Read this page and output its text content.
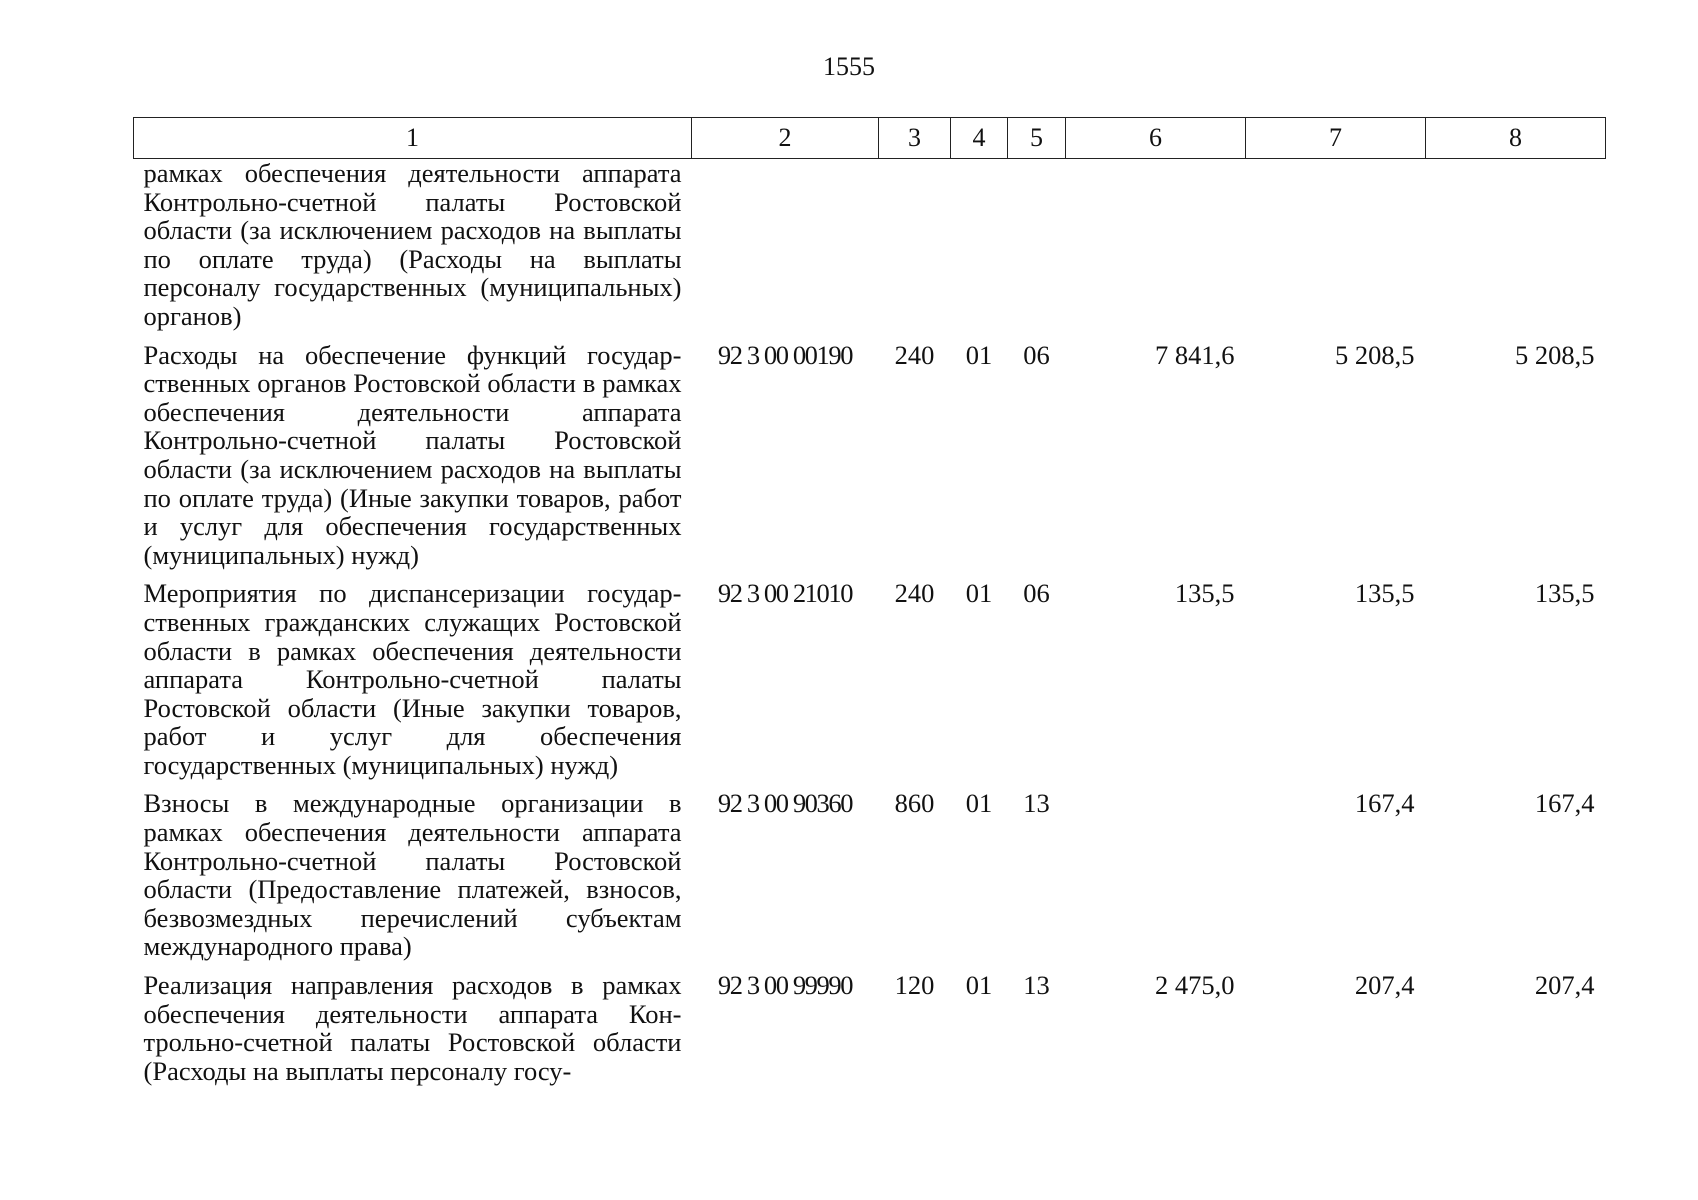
1555
1	2	3	4	5	6	7	8
рамках обеспечения деятельности аппарата Контрольно-счетной палаты Ростовской области (за исключением расходов на выплаты по оплате труда) (Расходы на выплаты персоналу государственных (муниципальных) органов)							
Расходы на обеспечение функций государственных органов Ростовской области в рамках обеспечения деятельности аппарата Контрольно-счетной палаты Ростовской области (за исключением расходов на выплаты по оплате труда) (Иные закупки товаров, работ и услуг для обеспечения государственных (муниципальных) нужд)	92 3 00 00190	240	01	06	7 841,6	5 208,5	5 208,5
Мероприятия по диспансеризации государственных гражданских служащих Ростовской области в рамках обеспечения деятельности аппарата Контрольно-счетной палаты Ростовской области (Иные закупки товаров, работ и услуг для обеспечения государственных (муниципальных) нужд)	92 3 00 21010	240	01	06	135,5	135,5	135,5
Взносы в международные организации в рамках обеспечения деятельности аппарата Контрольно-счетной палаты Ростовской области (Предоставление платежей, взносов, безвозмездных перечислений субъектам международного права)	92 3 00 90360	860	01	13		167,4	167,4
Реализация направления расходов в рамках обеспечения деятельности аппарата Контрольно-счетной палаты Ростовской области (Расходы на выплаты персоналу госу-	92 3 00 99990	120	01	13	2 475,0	207,4	207,4
